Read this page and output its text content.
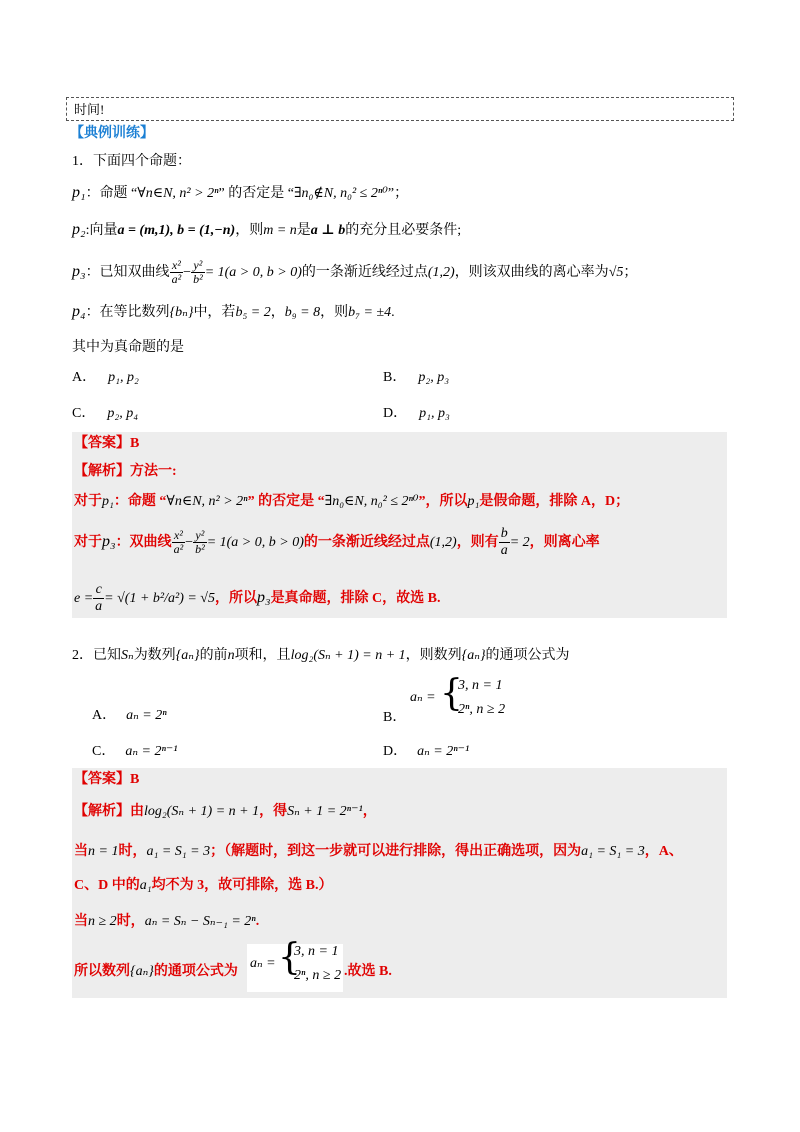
时间!
【典例训练】
1．下面四个命题：
p₁：命题 “∀n∈N, n² > 2ⁿ” 的否定是 “∃n₀∉N, n₀² ≤ 2ⁿ⁰”；
p₂:向量a = (m,1), b = (1,−n)，则m = n是a ⊥ b的充分且必要条件;
p₃：已知双曲线 $\frac{\text{x²}}{\text{a²}} - \frac{\text{y²}}{\text{b²}} = 1(a > 0$, b > 0)的一条渐近线经过点(1,2)，则该双曲线的离心率为√5；
p₄：在等比数列{bₙ}中，若b₅ = 2，b₉ = 8，则b₇ = ±4.
其中为真命题的是
A． p₁, p₂	B． p₂, p₃
C． p₂, p₄	D． p₁, p₃
【答案】B
【解析】方法一:
对于p₁：命题 “∀n∈N, n² > 2ⁿ” 的否定是 “∃n₀∈N, n₀² ≤ 2ⁿ⁰”，所以p₁是假命题，排除 A，D；
对于p₃：双曲线 $\frac{\text{x²}}{\text{a²}} - \frac{\text{y²}}{\text{b²}} = 1(a > 0$, b > 0)的一条渐近线经过点(1,2)，则有 $\frac{b}{a} = 2$，则离心率
$e = \frac{c}{a} = √(1 + b^2/a^2) = √5$，所以p₃是真命题，排除 C，故选 B.
2．已知Sₙ为数列{aₙ}的前n项和，且log₂(Sₙ + 1) = n + 1，则数列{aₙ}的通项公式为
A． aₙ = 2ⁿ	B．
aₙ = {
3, n = 1
2ⁿ, n ≥ 2
C． aₙ = 2ⁿ⁻¹	D． aₙ = 2ⁿ⁻¹
【答案】B
【解析】由log₂(Sₙ + 1) = n + 1，得Sₙ + 1 = 2ⁿ⁻¹，
当n = 1时，a₁ = S₁ = 3；（解题时，到这一步就可以进行排除，得出正确选项，因为a₁ = S₁ = 3，A、
C、D 中的a₁均不为 3，故可排除，选 B.）
当n ≥ 2时，aₙ = Sₙ − Sₙ₋₁ = 2ⁿ.
所以数列{aₙ}的通项公式为
aₙ = {
3, n = 1
2ⁿ, n ≥ 2 .故选 B.
